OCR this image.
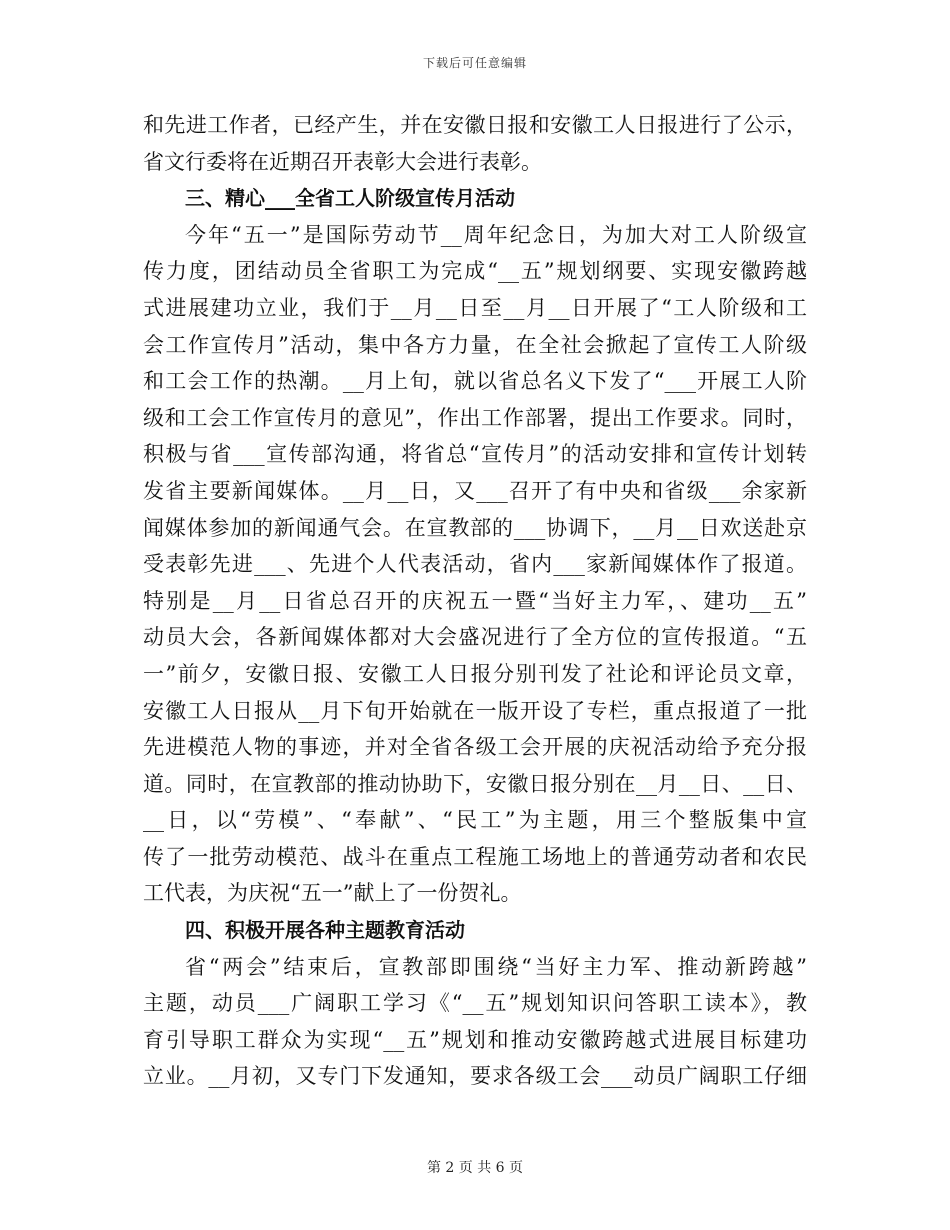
下载后可任意编辑
和先进工作者，已经产生，并在安徽日报和安徽工人日报进行了公示，
省文行委将在近期召开表彰大会进行表彰。
三、精心___全省工人阶级宣传月活动
今年“五一”是国际劳动节__周年纪念日，为加大对工人阶级宣
传力度，团结动员全省职工为完成“__五”规划纲要、实现安徽跨越
式进展建功立业，我们于__月__日至__月__日开展了“工人阶级和工
会工作宣传月”活动，集中各方力量，在全社会掀起了宣传工人阶级
和工会工作的热潮。__月上旬，就以省总名义下发了“___开展工人阶
级和工会工作宣传月的意见”，作出工作部署，提出工作要求。同时，
积极与省___宣传部沟通，将省总“宣传月”的活动安排和宣传计划转
发省主要新闻媒体。__月__日，又___召开了有中央和省级___余家新
闻媒体参加的新闻通气会。在宣教部的___协调下，__月__日欢送赴京
受表彰先进___、先进个人代表活动，省内___家新闻媒体作了报道。
特别是__月__日省总召开的庆祝五一暨“当好主力军，、建功__五”
动员大会，各新闻媒体都对大会盛况进行了全方位的宣传报道。“五
一”前夕，安徽日报、安徽工人日报分别刊发了社论和评论员文章，
安徽工人日报从__月下旬开始就在一版开设了专栏，重点报道了一批
先进模范人物的事迹，并对全省各级工会开展的庆祝活动给予充分报
道。同时，在宣教部的推动协助下，安徽日报分别在__月__日、__日、
__日，以“劳模”、“奉献”、“民工”为主题，用三个整版集中宣
传了一批劳动模范、战斗在重点工程施工场地上的普通劳动者和农民
工代表，为庆祝“五一”献上了一份贺礼。
四、积极开展各种主题教育活动
省“两会”结束后，宣教部即围绕“当好主力军、推动新跨越”
主题，动员___广阔职工学习《“__五”规划知识问答职工读本》，教
育引导职工群众为实现“__五”规划和推动安徽跨越式进展目标建功
立业。__月初，又专门下发通知，要求各级工会___动员广阔职工仔细
第 2 页 共 6 页
